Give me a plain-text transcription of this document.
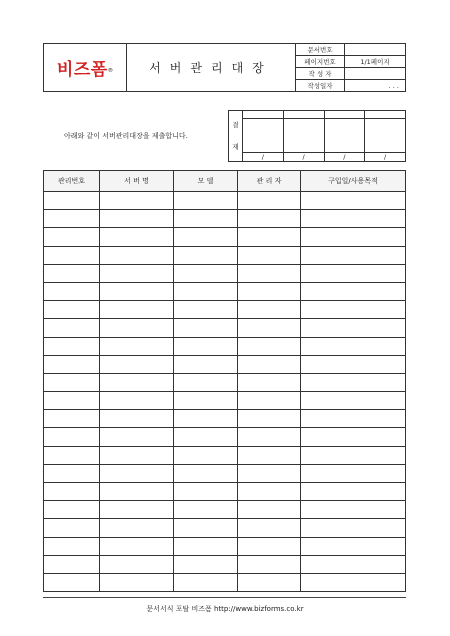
비즈폼®	서버관리대장	문서번호	
		페이지번호	1/1페이지
		작 성 자	
		작성일자	. . .
아래와 같이 서버관리대장을 제출합니다.
결
재				

	/	/	/	/
관리번호	서 버 명	모 델	관 리 자	구입일/사용목적

문서서식 포탈 비즈폼 http://www.bizforms.co.kr
